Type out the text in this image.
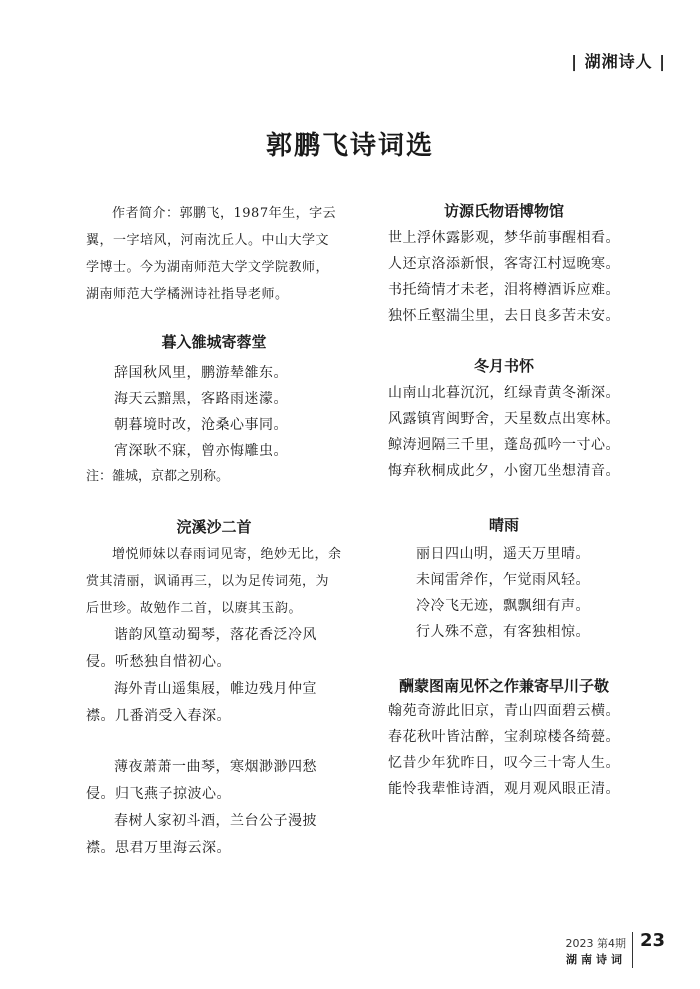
| 湖湘诗人 |
郭鹏飞诗词选

作者简介：郭鹏飞，1987年生，字云翼，一字培风，河南沈丘人。中山大学文学博士。今为湖南师范大学文学院教师，湖南师范大学橘洲诗社指导老师。

暮入雒城寄蓉堂

辞国秋风里，鹏游辇雒东。

海天云黯黑，客路雨迷濛。

朝暮境时改，沧桑心事同。

宵深耿不寐，曾亦悔雕虫。

注：雒城，京都之别称。

浣溪沙二首

增悦师妹以春雨词见寄，绝妙无比，余赏其清丽，讽诵再三，以为足传词苑，为后世珍。故勉作二首，以赓其玉韵。

谐韵风篁动蜀琴，落花香泛冷风侵。听愁独自惜初心。

海外青山遥集屐，帷边残月仲宣襟。几番消受入春深。

薄夜萧萧一曲琴，寒烟渺渺四愁侵。归飞燕子掠波心。

春树人家初斗酒，兰台公子漫披襟。思君万里海云深。

访源氏物语博物馆

世上浮休露影观，梦华前事醒相看。

人还京洛添新恨，客寄江村逗晚寒。

书托绮情才未老，泪将樽酒诉应难。

独怀丘壑湍尘里，去日良多苦未安。

冬月书怀

山南山北暮沉沉，红绿青黄冬渐深。

风露镇宵闽野舍，天星数点出寒林。

鲸涛迥隔三千里，蓬岛孤吟一寸心。

悔弃秋桐成此夕，小窗兀坐想清音。

晴雨

丽日四山明，遥天万里晴。

未闻雷斧作，乍觉雨风轻。

冷冷飞无迹，飘飘细有声。

行人殊不意，有客独相惊。

酬蒙图南见怀之作兼寄早川子敬

翰苑奇游此旧京，青山四面碧云横。

春花秋叶皆沽醉，宝刹琼楼各绮甍。

忆昔少年犹昨日，叹今三十寄人生。

能怜我辈惟诗酒，观月观风眼正清。

2023 第4期
湖南诗词
23
